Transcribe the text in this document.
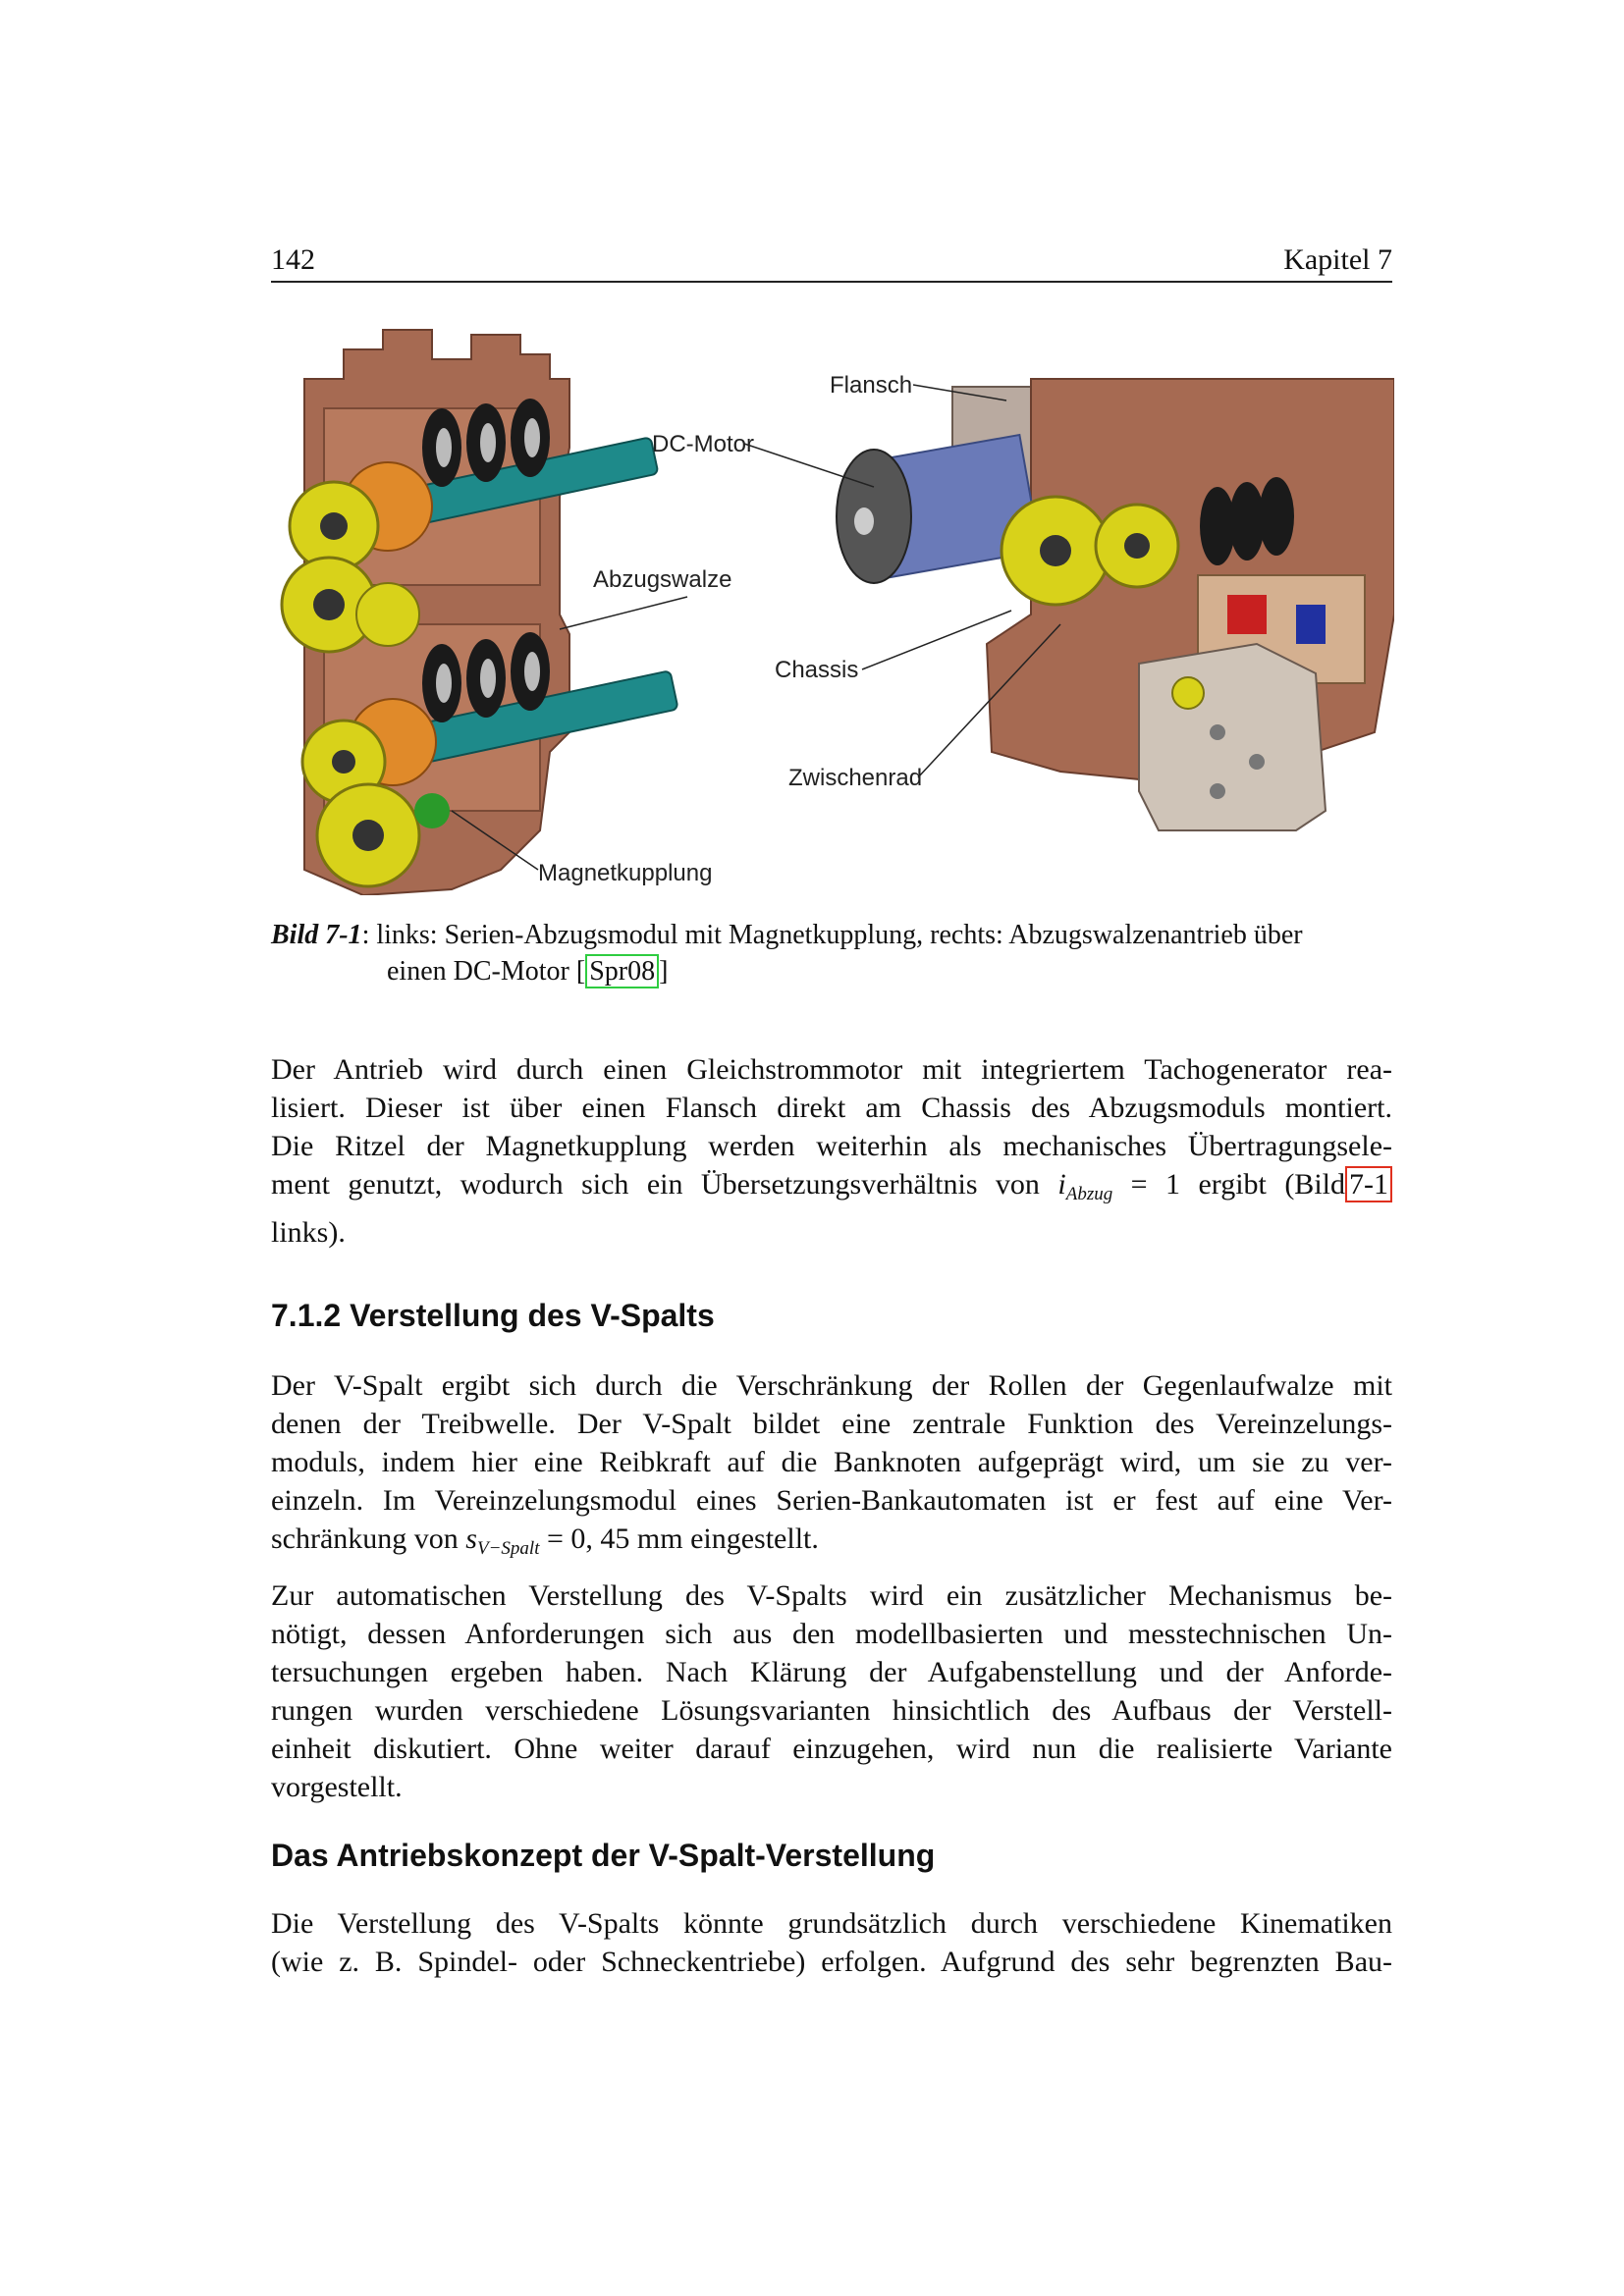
142	Kapitel 7
Flansch
DC-Motor
Abzugswalze
Chassis
Zwischenrad
Magnetkupplung
Bild 7-1: links: Serien-Abzugsmodul mit Magnetkupplung, rechts: Abzugswalzenantrieb über
einen DC-Motor [ Spr08 ]
Der Antrieb wird durch einen Gleichstrommotor mit integriertem Tachogenerator rea-
lisiert. Dieser ist über einen Flansch direkt am Chassis des Abzugsmoduls montiert.
Die Ritzel der Magnetkupplung werden weiterhin als mechanisches Übertragungsele-
ment genutzt, wodurch sich ein Übersetzungsverhältnis von $i_{Abzug} = 1$ ergibt (Bild 7-1
links).
7.1.2 Verstellung des V-Spalts
Der V-Spalt ergibt sich durch die Verschränkung der Rollen der Gegenlaufwalze mit
denen der Treibwelle. Der V-Spalt bildet eine zentrale Funktion des Vereinzelungs-
moduls, indem hier eine Reibkraft auf die Banknoten aufgeprägt wird, um sie zu ver-
einzeln. Im Vereinzelungsmodul eines Serien-Bankautomaten ist er fest auf eine Ver-
schränkung von $s_{V-Spalt} = 0$, 45 mm eingestellt.
Zur automatischen Verstellung des V-Spalts wird ein zusätzlicher Mechanismus be-
nötigt, dessen Anforderungen sich aus den modellbasierten und messtechnischen Un-
tersuchungen ergeben haben. Nach Klärung der Aufgabenstellung und der Anforde-
rungen wurden verschiedene Lösungsvarianten hinsichtlich des Aufbaus der Verstell-
einheit diskutiert. Ohne weiter darauf einzugehen, wird nun die realisierte Variante
vorgestellt.
Das Antriebskonzept der V-Spalt-Verstellung
Die Verstellung des V-Spalts könnte grundsätzlich durch verschiedene Kinematiken
(wie z. B. Spindel- oder Schneckentriebe) erfolgen. Aufgrund des sehr begrenzten Bau-
